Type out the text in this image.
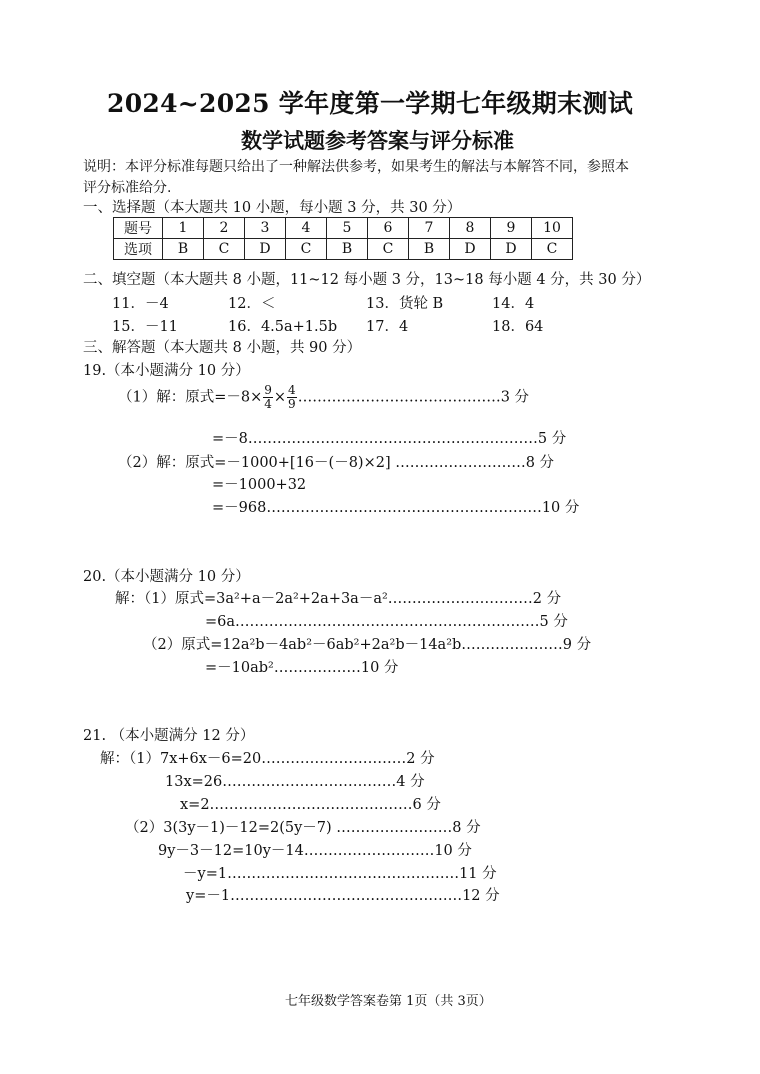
2024~2025 学年度第一学期七年级期末测试
数学试题参考答案与评分标准
说明：本评分标准每题只给出了一种解法供参考，如果考生的解法与本解答不同，参照本
评分标准给分.
一、选择题（本大题共 10 小题，每小题 3 分，共 30 分）
题号	1	2	3	4	5	6	7	8	9	10
选项	B	C	D	C	B	C	B	D	D	C
二、填空题（本大题共 8 小题，11~12 每小题 3 分，13~18 每小题 4 分，共 30 分）
11．－4	12．＜	13．货轮 B	14．4
15．－11	16．4.5a+1.5b 17．4	18．64
三、解答题（本大题共 8 小题，共 90 分）
19.（本小题满分 10 分）
（1）解：原式$=-8\times \frac{9}{4} \times \frac{4}{9}$ ……………………………………3 分
=－8……………………………………………………5 分
（2）解：原式=－1000+[16－(－8)×2] ………………………8 分
=－1000+32
=－968…………………………………………………10 分
20.（本小题满分 10 分）
解：（1）原式=3a²+a－2a²+2a+3a－a²…………………………2 分
=6a………………………………………………………5 分
（2）原式=12a²b－4ab²－6ab²+2a²b－14a²b…………………9 分
=－10ab²………………10 分
21. （本小题满分 12 分）
解：（1）7x+6x－6=20…………………………2 分
13x=26………………………………4 分
x=2……………………………………6 分
（2）3(3y－1)－12=2(5y－7) ……………………8 分
9y－3－12=10y－14………………………10 分
－y=1…………………………………………11 分
y=－1…………………………………………12 分
七年级数学答案卷第 1页（共 3页）
